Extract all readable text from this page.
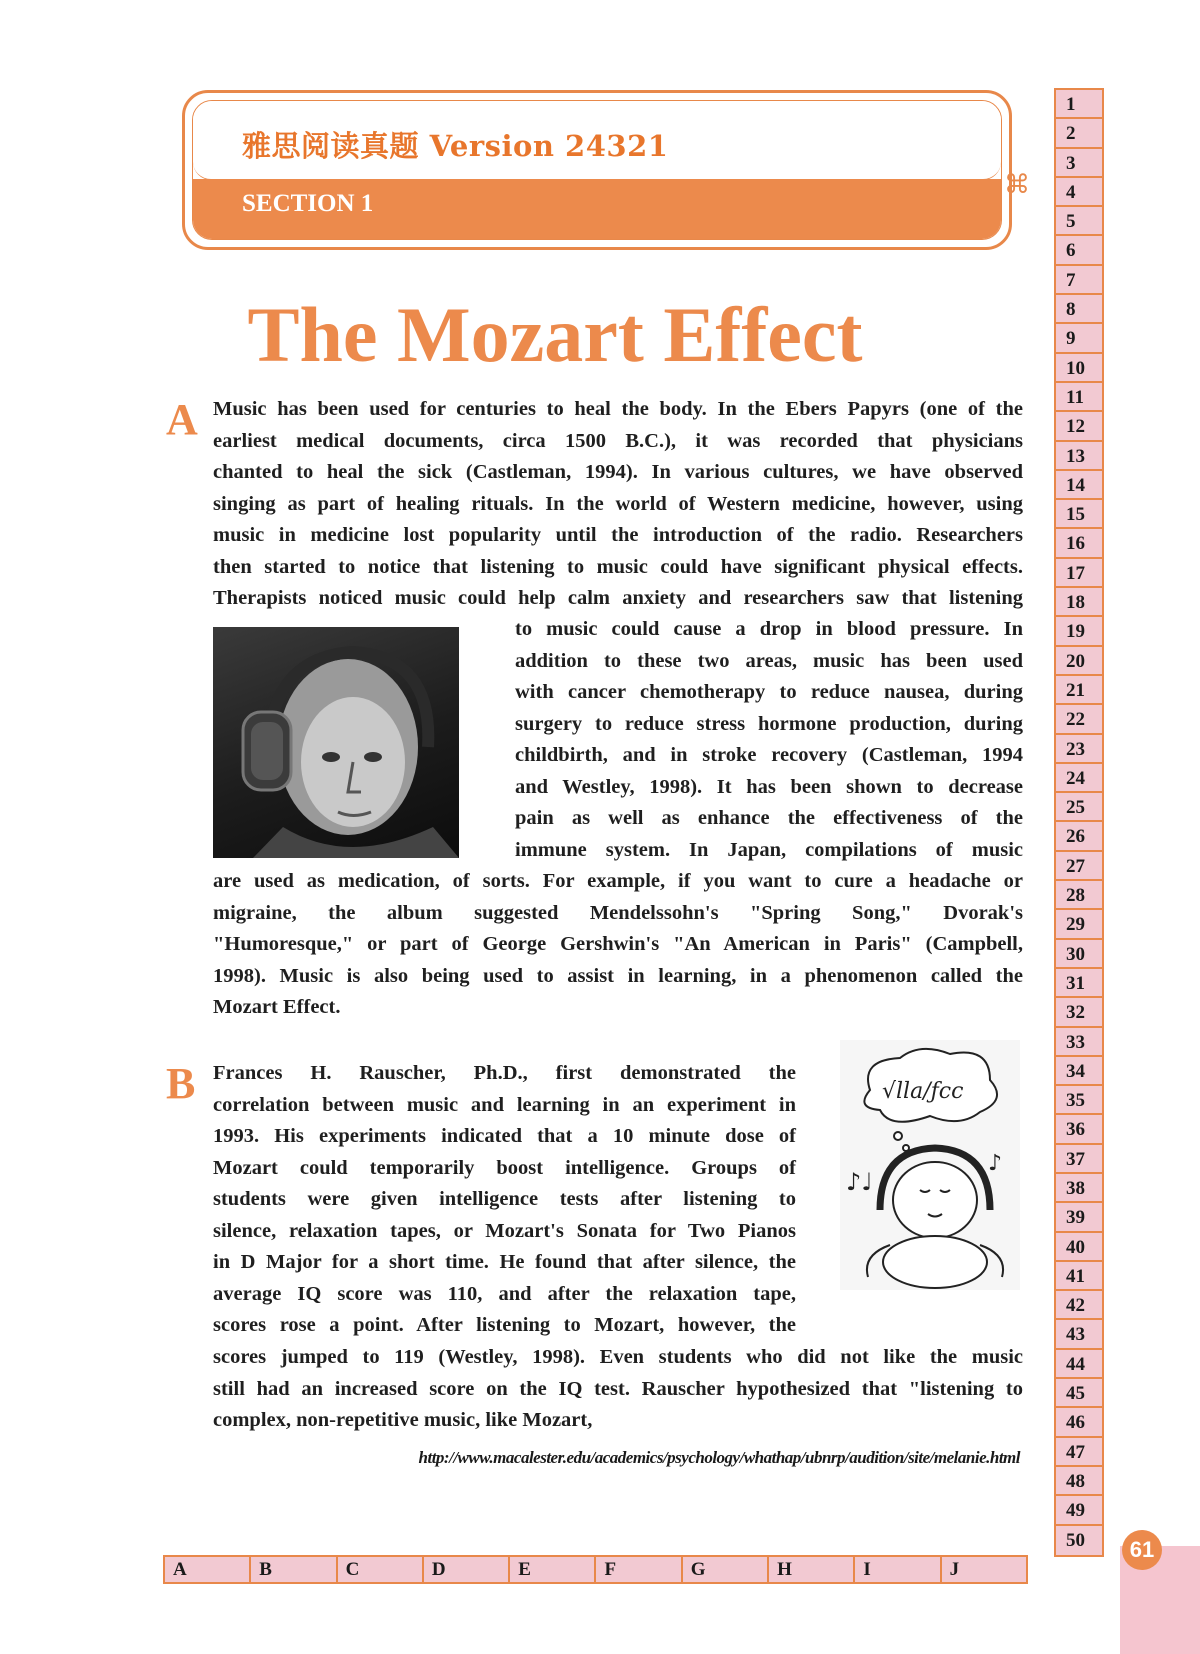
雅思阅读真题 Version 24321
SECTION 1
⌘
The Mozart Effect
A Music has been used for centuries to heal the body. In the Ebers Papyrs (one of the
earliest medical documents, circa 1500 B.C.), it was recorded that physicians
chanted to heal the sick (Castleman, 1994). In various cultures, we have observed
singing as part of healing rituals. In the world of Western medicine, however, using
music in medicine lost popularity until the introduction of the radio. Researchers
then started to notice that listening to music could have significant physical effects.
Therapists noticed music could help calm anxiety and researchers saw that listening
to music could cause a drop in blood pressure. In
addition to these two areas, music has been used
with cancer chemotherapy to reduce nausea, during
surgery to reduce stress hormone production, during
childbirth, and in stroke recovery (Castleman, 1994
and Westley, 1998). It has been shown to decrease
pain as well as enhance the effectiveness of the
immune system. In Japan, compilations of music
are used as medication, of sorts. For example, if you want to cure a headache or
migraine, the album suggested Mendelssohn's "Spring Song," Dvorak's
"Humoresque," or part of George Gershwin's "An American in Paris" (Campbell,
1998). Music is also being used to assist in learning, in a phenomenon called the
Mozart Effect.
B Frances H. Rauscher, Ph.D., first demonstrated the
correlation between music and learning in an experiment in
1993. His experiments indicated that a 10 minute dose of
Mozart could temporarily boost intelligence. Groups of
students were given intelligence tests after listening to
silence, relaxation tapes, or Mozart's Sonata for Two Pianos
in D Major for a short time. He found that after silence, the
average IQ score was 110, and after the relaxation tape,
scores rose a point. After listening to Mozart, however, the
√lla/ƒcc
♪♩
♪
scores jumped to 119 (Westley, 1998). Even students who did not like the music
still had an increased score on the IQ test. Rauscher hypothesized that "listening to
complex, non-repetitive music, like Mozart,
http://www.macalester.edu/academics/psychology/whathap/ubnrp/audition/site/melanie.html
1
2
3
4
5
6
7
8
9
10
11
12
13
14
15
16
17
18
19
20
21
22
23
24
25
26
27
28
29
30
31
32
33
34
35
36
37
38
39
40
41
42
43
44
45
46
47
48
49
50
A	B	C	D	E	F	G	H	I	J
61
